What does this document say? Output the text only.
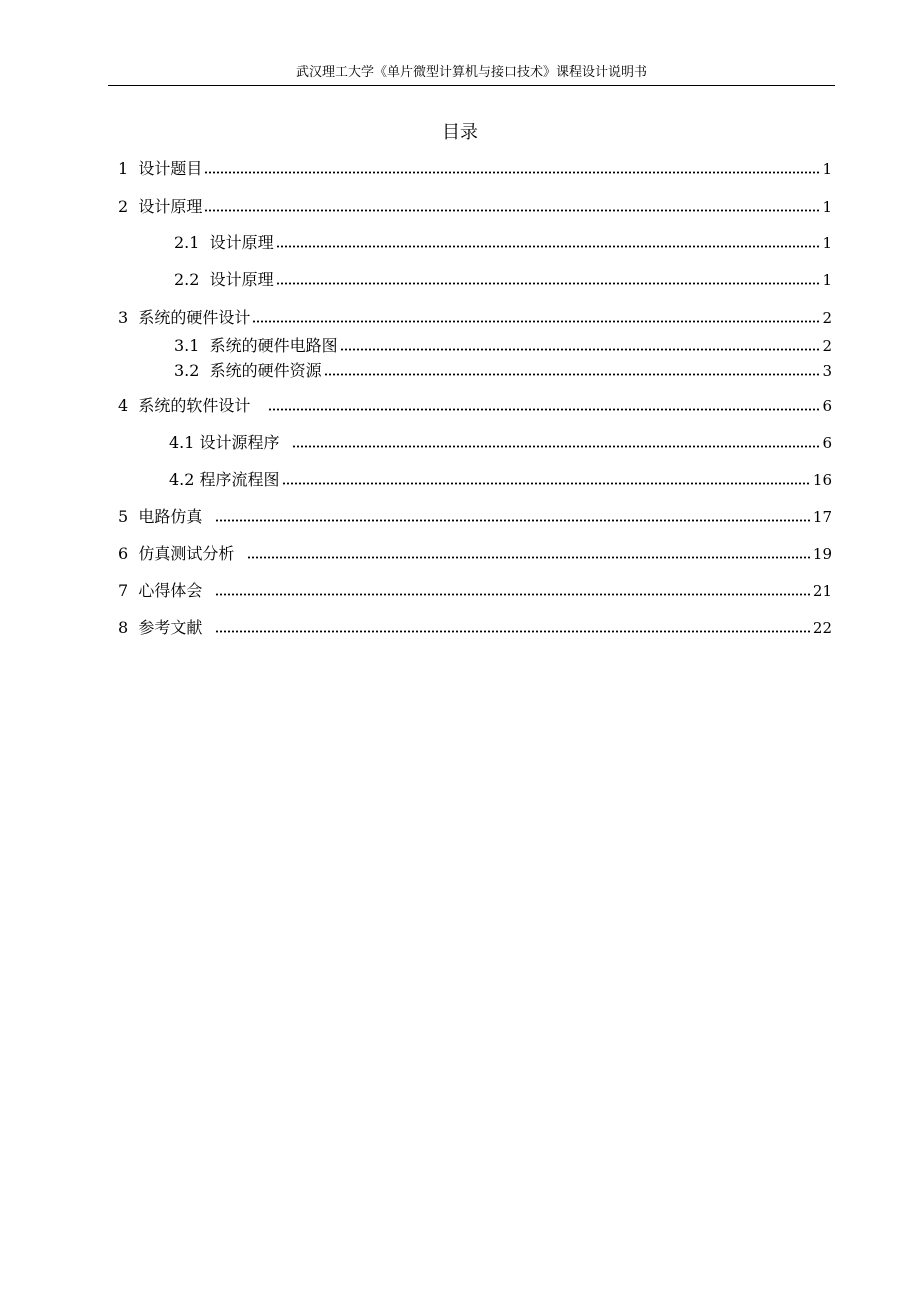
武汉理工大学《单片微型计算机与接口技术》课程设计说明书
目录
1 设计题目	1
2 设计原理	1
2.1 设计原理	1
2.2 设计原理	1
3 系统的硬件设计	2
3.1 系统的硬件电路图	2
3.2 系统的硬件资源	3
4 系统的软件设计	6
4.1 设计源程序	6
4.2 程序流程图	16
5 电路仿真	17
6 仿真测试分析	19
7 心得体会	21
8 参考文献	22
